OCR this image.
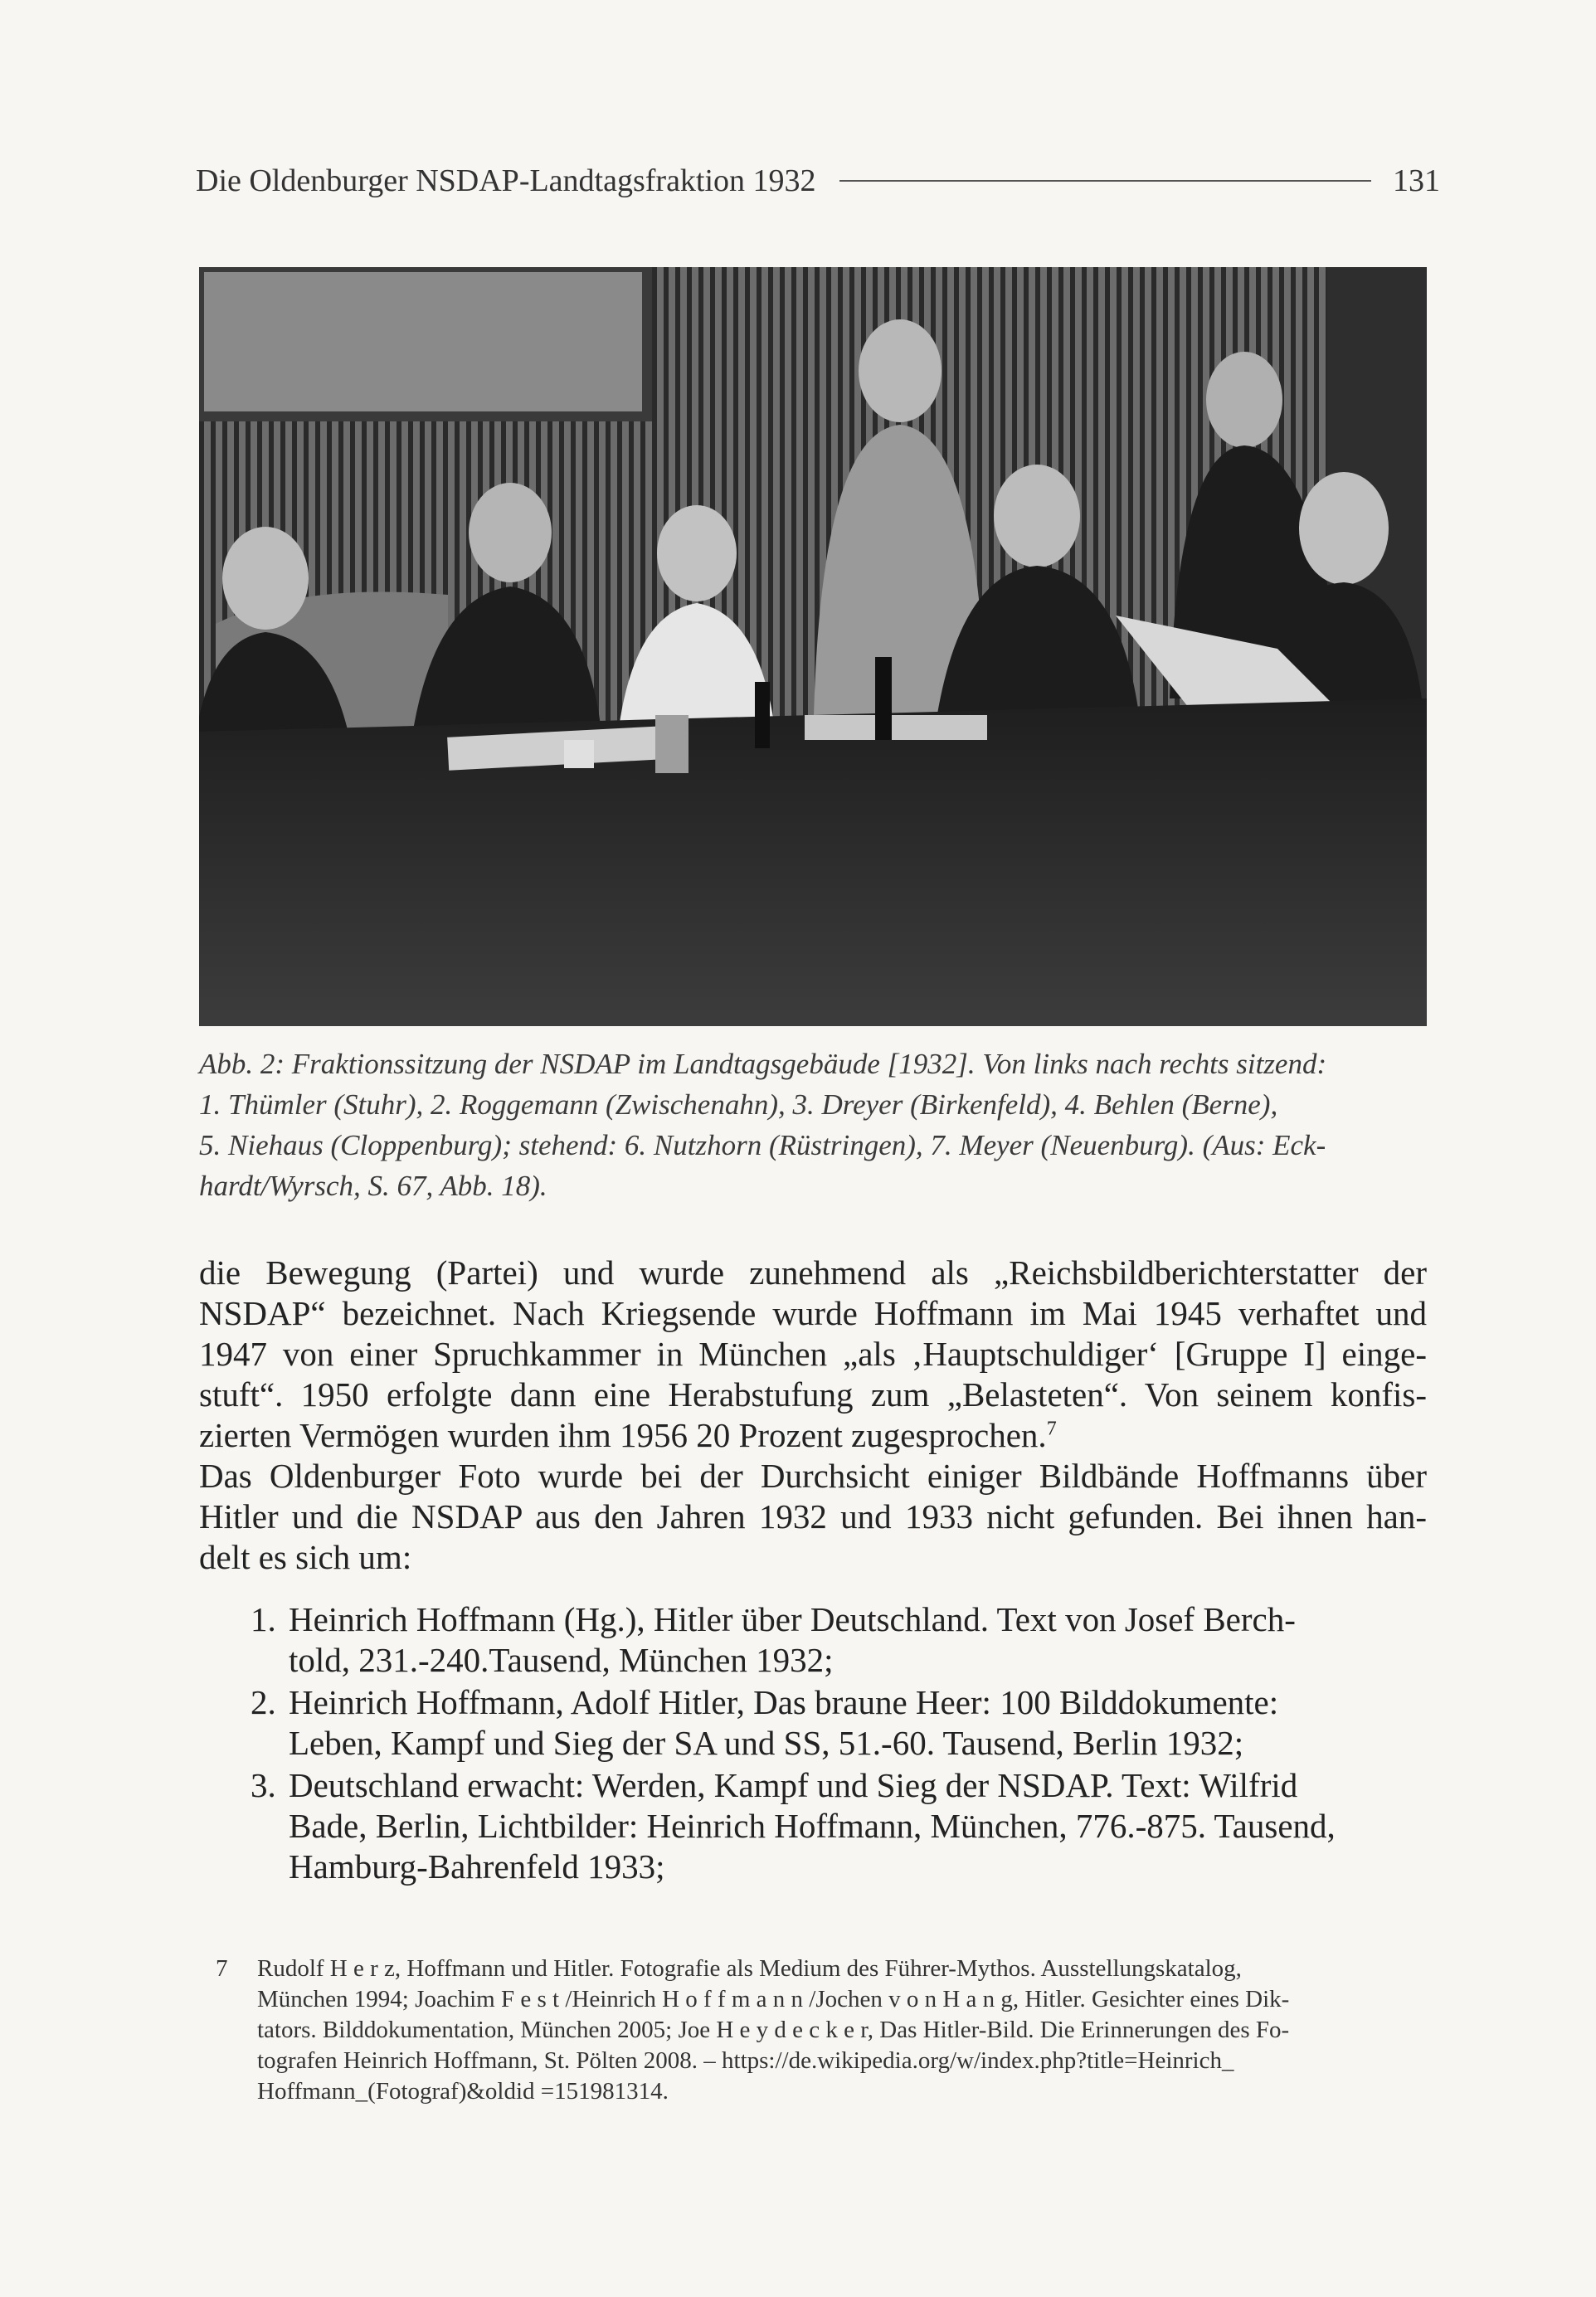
Die Oldenburger NSDAP-Landtagsfraktion 1932	131
Abb. 2: Fraktionssitzung der NSDAP im Landtagsgebäude [1932]. Von links nach rechts sitzend:
1. Thümler (Stuhr), 2. Roggemann (Zwischenahn), 3. Dreyer (Birkenfeld), 4. Behlen (Berne),
5. Niehaus (Cloppenburg); stehend: 6. Nutzhorn (Rüstringen), 7. Meyer (Neuenburg). (Aus: Eck-
hardt/Wyrsch, S. 67, Abb. 18).
die Bewegung (Partei) und wurde zunehmend als „Reichsbildberichterstatter der
NSDAP“ bezeichnet. Nach Kriegsende wurde Hoffmann im Mai 1945 verhaftet und
1947 von einer Spruchkammer in München „als ‚Hauptschuldiger‘ [Gruppe I] einge-
stuft“. 1950 erfolgte dann eine Herabstufung zum „Belasteten“. Von seinem konfis-
zierten Vermögen wurden ihm 1956 20 Prozent zugesprochen.$^7$
Das Oldenburger Foto wurde bei der Durchsicht einiger Bildbände Hoffmanns über
Hitler und die NSDAP aus den Jahren 1932 und 1933 nicht gefunden. Bei ihnen han-
delt es sich um:
1. Heinrich Hoffmann (Hg.), Hitler über Deutschland. Text von Josef Berch-
told, 231.-240.Tausend, München 1932;
2. Heinrich Hoffmann, Adolf Hitler, Das braune Heer: 100 Bilddokumente:
Leben, Kampf und Sieg der SA und SS, 51.-60. Tausend, Berlin 1932;
3. Deutschland erwacht: Werden, Kampf und Sieg der NSDAP. Text: Wilfrid
Bade, Berlin, Lichtbilder: Heinrich Hoffmann, München, 776.-875. Tausend,
Hamburg-Bahrenfeld 1933;
7 Rudolf H e r z, Hoffmann und Hitler. Fotografie als Medium des Führer-Mythos. Ausstellungskatalog,
München 1994; Joachim F e s t /Heinrich H o f f m a n n /Jochen v o n H a n g, Hitler. Gesichter eines Dik-
tators. Bilddokumentation, München 2005; Joe H e y d e c k e r, Das Hitler-Bild. Die Erinnerungen des Fo-
tografen Heinrich Hoffmann, St. Pölten 2008. – https://de.wikipedia.org/w/index.php?title=Heinrich_
Hoffmann_(Fotograf)&oldid =151981314.
